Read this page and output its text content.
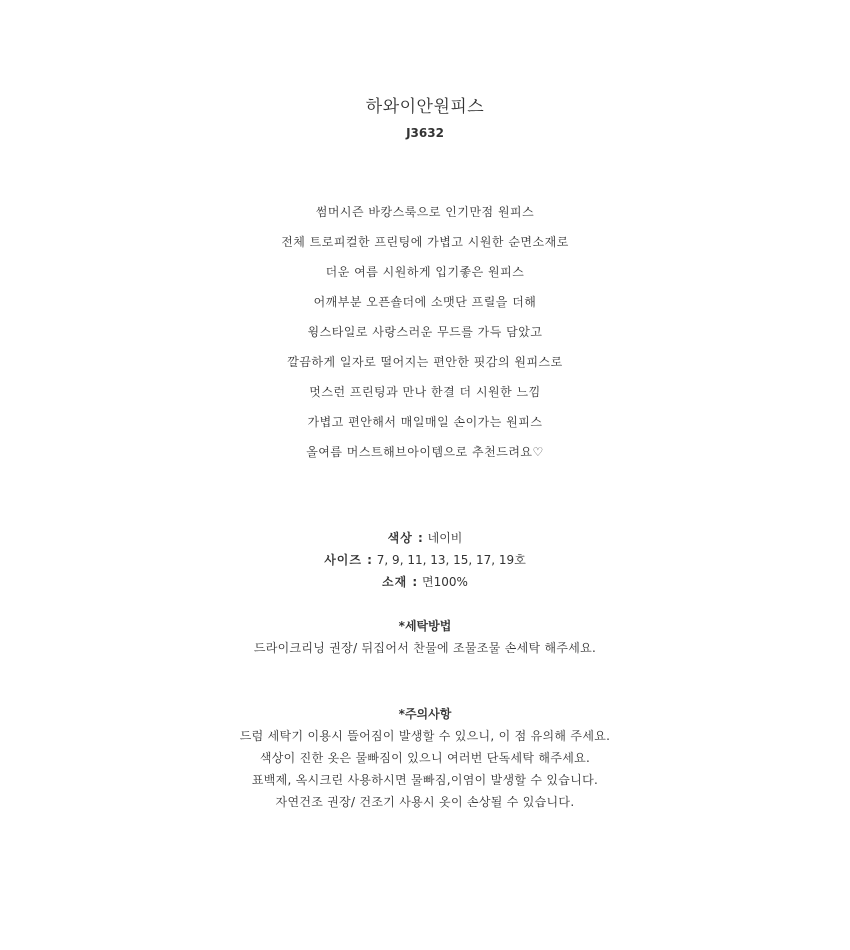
하와이안원피스
J3632
썸머시즌 바캉스룩으로 인기만점 원피스
전체 트로피컬한 프린팅에 가볍고 시원한 순면소재로
더운 여름 시원하게 입기좋은 원피스
어깨부분 오픈숄더에 소맷단 프릴을 더해
윙스타일로 사랑스러운 무드를 가득 담았고
깔끔하게 일자로 떨어지는 편안한 핏감의 원피스로
멋스런 프린팅과 만나 한결 더 시원한 느낌
가볍고 편안해서 매일매일 손이가는 원피스
올여름 머스트해브아이템으로 추천드려요♡
색상 : 네이비
사이즈 : 7, 9, 11, 13, 15, 17, 19호
소재 : 면100%
*세탁방법
드라이크리닝 권장/ 뒤집어서 찬물에 조물조물 손세탁 해주세요.
*주의사항
드럼 세탁기 이용시 뜰어짐이 발생할 수 있으니, 이 점 유의해 주세요.
색상이 진한 옷은 물빠짐이 있으니 여러번 단독세탁 해주세요.
표백제, 옥시크린 사용하시면 물빠짐,이염이 발생할 수 있습니다.
자연건조 권장/ 건조기 사용시 옷이 손상될 수 있습니다.
